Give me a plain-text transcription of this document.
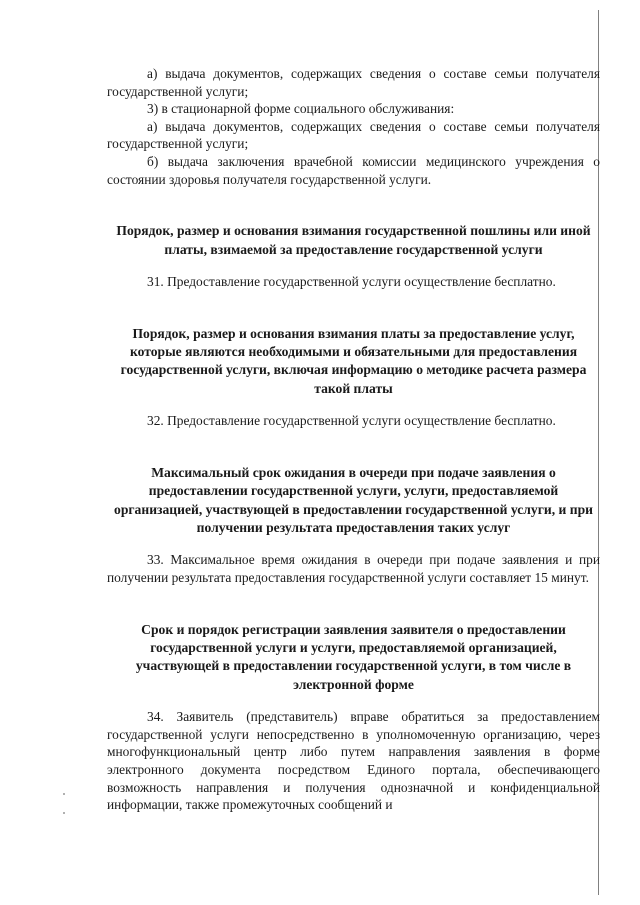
а) выдача документов, содержащих сведения о составе семьи получателя государственной услуги;

3) в стационарной форме социального обслуживания:

а) выдача документов, содержащих сведения о составе семьи получателя государственной услуги;

б) выдача заключения врачебной комиссии медицинского учреждения о состоянии здоровья получателя государственной услуги.

Порядок, размер и основания взимания государственной пошлины или иной платы, взимаемой за предоставление государственной услуги

31. Предоставление государственной услуги осуществление бесплатно.

Порядок, размер и основания взимания платы за предоставление услуг, которые являются необходимыми и обязательными для предоставления государственной услуги, включая информацию о методике расчета размера такой платы

32. Предоставление государственной услуги осуществление бесплатно.

Максимальный срок ожидания в очереди при подаче заявления о предоставлении государственной услуги, услуги, предоставляемой организацией, участвующей в предоставлении государственной услуги, и при получении результата предоставления таких услуг

33. Максимальное время ожидания в очереди при подаче заявления и при получении результата предоставления государственной услуги составляет 15 минут.

Срок и порядок регистрации заявления заявителя о предоставлении государственной услуги и услуги, предоставляемой организацией, участвующей в предоставлении государственной услуги, в том числе в электронной форме

34. Заявитель (представитель) вправе обратиться за предоставлением государственной услуги непосредственно в уполномоченную организацию, через многофункциональный центр либо путем направления заявления в форме электронного документа посредством Единого портала, обеспечивающего возможность направления и получения однозначной и конфиденциальной информации, также промежуточных сообщений и
